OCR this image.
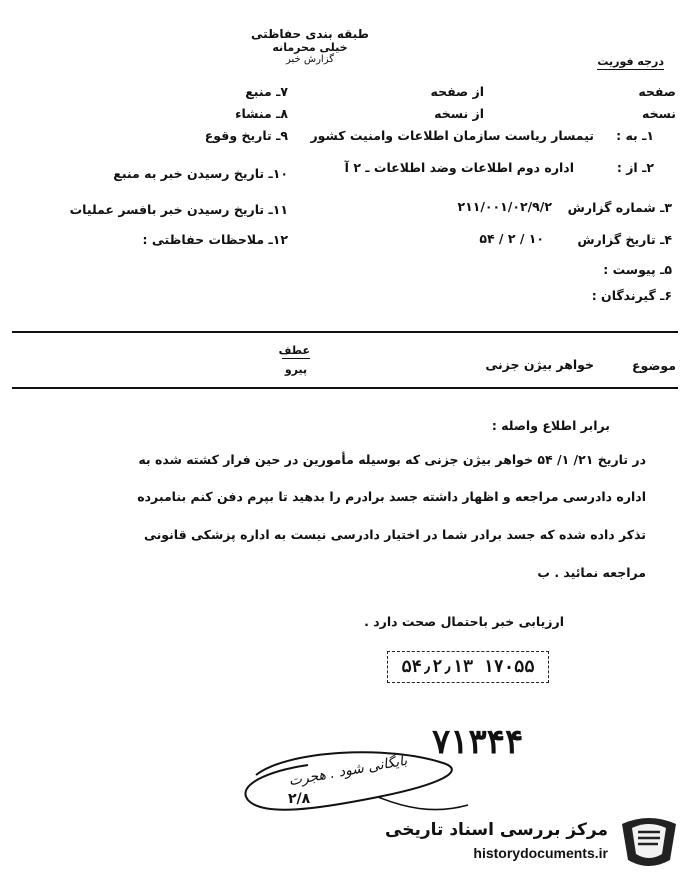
طبقه بندی حفاظتی
خیلی محرمانه
گزارش خبر	درجه فوریت
صفحه
نسخه
از صفحه
از نسخه
۱ـ به :
تیمسار ریاست سازمان اطلاعات وامنیت کشور
۲ـ از :
اداره دوم اطلاعات وضد اطلاعات ـ ۲ آ
۳ـ شماره گزارش
۲۱۱/۰۰۱/۰۲/۹/۲
۴ـ تاریخ گزارش
۵۴ / ۲ / ۱۰
۵ـ پیوست :
۶ـ گیرندگان :
۷ـ منبع
۸ـ منشاء
۹ـ تاریخ وقوع
۱۰ـ تاریخ رسیدن خبر به منبع
۱۱ـ تاریخ رسیدن خبر بافسر عملیات
۱۲ـ ملاحظات حفاظتی :
موضوع
خواهر بیژن جزنی
عطف
پیرو
برابر اطلاع واصله :
در تاریخ ۲۱/ ۱/ ۵۴ خواهر بیژن جزنی که بوسیله مأمورین در حین فرار کشته شده به
اداره دادرسی مراجعه و اظهار داشته جسد برادرم را بدهید تا بپرم دفن کنم بنامبرده
تذکر داده شده که جسد برادر شما در اختیار دادرسی نیست به اداره پزشکی قانونی
مراجعه نمائید . ب
ارزیابی خبر باحتمال صحت دارد .
۵۴٫۲٫۱۳ ۱۷۰۵۵
۷۱۳۴۴
بایگانی شود . هجرت
۲/۸
مرکز بررسی اسناد تاریخی
historydocuments.ir
